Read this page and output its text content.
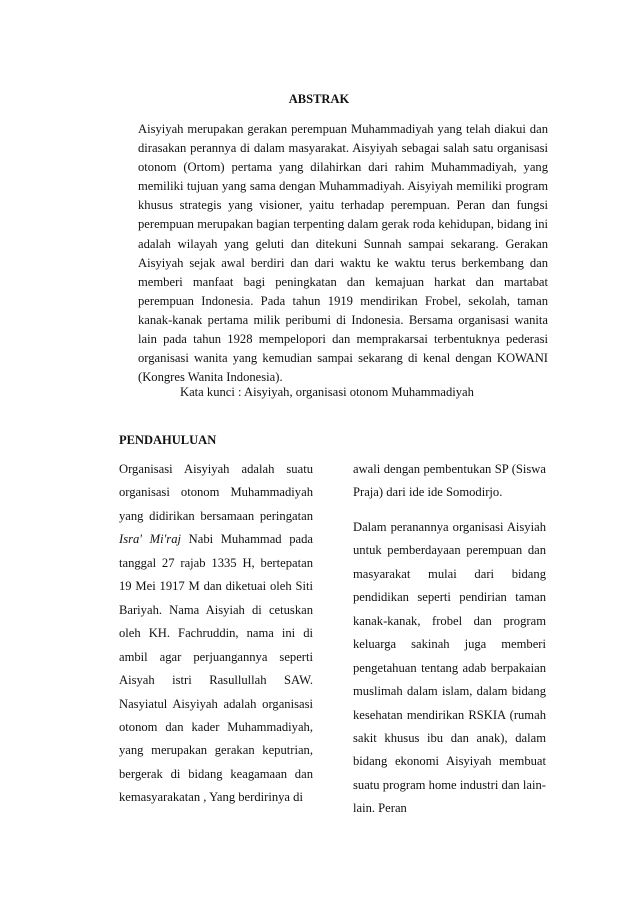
ABSTRAK

Aisyiyah merupakan gerakan perempuan Muhammadiyah yang telah diakui dan dirasakan perannya di dalam masyarakat. Aisyiyah sebagai salah satu organisasi otonom (Ortom) pertama yang dilahirkan dari rahim Muhammadiyah, yang memiliki tujuan yang sama dengan Muhammadiyah. Aisyiyah memiliki program khusus strategis yang visioner, yaitu terhadap perempuan. Peran dan fungsi perempuan merupakan bagian terpenting dalam gerak roda kehidupan, bidang ini adalah wilayah yang geluti dan ditekuni Sunnah sampai sekarang. Gerakan Aisyiyah sejak awal berdiri dan dari waktu ke waktu terus berkembang dan memberi manfaat bagi peningkatan dan kemajuan harkat dan martabat perempuan Indonesia. Pada tahun 1919 mendirikan Frobel, sekolah, taman kanak-kanak pertama milik peribumi di Indonesia. Bersama organisasi wanita lain pada tahun 1928 mempelopori dan memprakarsai terbentuknya pederasi organisasi wanita yang kemudian sampai sekarang di kenal dengan KOWANI (Kongres Wanita Indonesia).

Kata kunci : Aisyiyah, organisasi otonom Muhammadiyah
PENDAHULUAN

Organisasi Aisyiyah adalah suatu organisasi otonom Muhammadiyah yang didirikan bersamaan peringatan Isra' Mi'raj Nabi Muhammad pada tanggal 27 rajab 1335 H, bertepatan 19 Mei 1917 M dan diketuai oleh Siti Bariyah. Nama Aisyiah di cetuskan oleh KH. Fachruddin, nama ini di ambil agar perjuangannya seperti Aisyah istri Rasullullah SAW. Nasyiatul Aisyiyah adalah organisasi otonom dan kader Muhammadiyah, yang merupakan gerakan keputrian, bergerak di bidang keagamaan dan kemasyarakatan , Yang berdirinya di

awali dengan pembentukan SP (Siswa Praja) dari ide ide Somodirjo.

Dalam peranannya organisasi Aisyiah untuk pemberdayaan perempuan dan masyarakat mulai dari bidang pendidikan seperti pendirian taman kanak-kanak, frobel dan program keluarga sakinah juga memberi pengetahuan tentang adab berpakaian muslimah dalam islam, dalam bidang kesehatan mendirikan RSKIA (rumah sakit khusus ibu dan anak), dalam bidang ekonomi Aisyiyah membuat suatu program home industri dan lain-lain. Peran
